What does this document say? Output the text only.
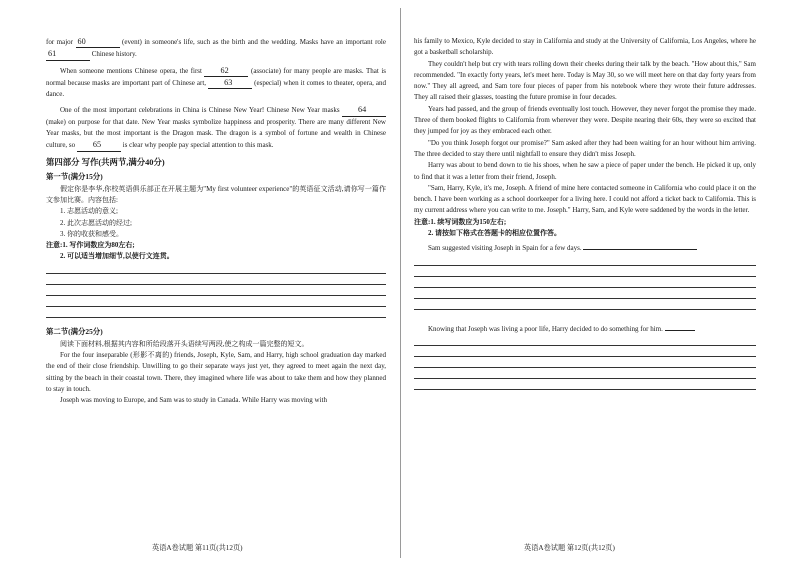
for major 60	(event) in someone's life, such as the birth and the wedding. Masks have an important role 61	Chinese history.

When someone mentions Chinese opera, the first 62	(associate) for many people are masks. That is normal because masks are important part of Chinese art, 63	(especial) when it comes to theater, opera, and dance.

One of the most important celebrations in China is Chinese New Year! Chinese New Year masks 64 (make) on purpose for that date. New Year masks symbolize happiness and prosperity. There are many different New Year masks, but the most important is the Dragon mask. The dragon is a symbol of fortune and wealth in Chinese culture, so 65	is clear why people pay special attention to this mask.

第四部分 写作(共两节,满分40分)
第一节(满分15分)

假定你是李华,你校英语俱乐部正在开展主题为"My first volunteer experience"的英语征文活动,请你写一篇作文参加比赛。内容包括:

1. 志愿活动的意义;

2. 此次志愿活动的经过;

3. 你的收获和感受。

注意:1. 写作词数应为80左右;

2. 可以适当增加细节,以使行文连贯。

第二节(满分25分)

阅读下面材料,根据其内容和所给段落开头语续写两段,使之构成一篇完整的短文。

For the four inseparable (形影不离的) friends, Joseph, Kyle, Sam, and Harry, high school graduation day marked the end of their close friendship. Unwilling to go their separate ways just yet, they agreed to meet again the next day, sitting by the beach in their coastal town. There, they imagined where life was about to take them and how they planned to stay in touch.

Joseph was moving to Europe, and Sam was to study in Canada. While Harry was moving with

his family to Mexico, Kyle decided to stay in California and study at the University of California, Los Angeles, where he got a basketball scholarship.

They couldn't help but cry with tears rolling down their cheeks during their talk by the beach. "How about this," Sam recommended. "In exactly forty years, let's meet here. Today is May 30, so we will meet here on that day forty years from now." They all agreed, and Sam tore four pieces of paper from his notebook where they wrote their future addresses. They all raised their glasses, toasting the future promise in four decades.

Years had passed, and the group of friends eventually lost touch. However, they never forgot the promise they made. Three of them booked flights to California from wherever they were. Despite nearing their 60s, they were so excited that they jumped for joy as they embraced each other.

"Do you think Joseph forgot our promise?" Sam asked after they had been waiting for an hour without him arriving. The three decided to stay there until nightfall to ensure they didn't miss Joseph.

Harry was about to bend down to tie his shoes, when he saw a piece of paper under the bench. He picked it up, only to find that it was a letter from their friend, Joseph.

"Sam, Harry, Kyle, it's me, Joseph. A friend of mine here contacted someone in California who could place it on the bench. I have been working as a school doorkeeper for a living here. I could not afford a ticket back to California. This is my current address where you can write to me. Joseph." Harry, Sam, and Kyle were saddened by the words in the letter.

注意:1. 续写词数应为150左右;

2. 请按如下格式在答题卡的相应位置作答。

Sam suggested visiting Joseph in Spain for a few days.

Knowing that Joseph was living a poor life, Harry decided to do something for him.

英语A卷试题 第11页(共12页)	英语A卷试题 第12页(共12页)
